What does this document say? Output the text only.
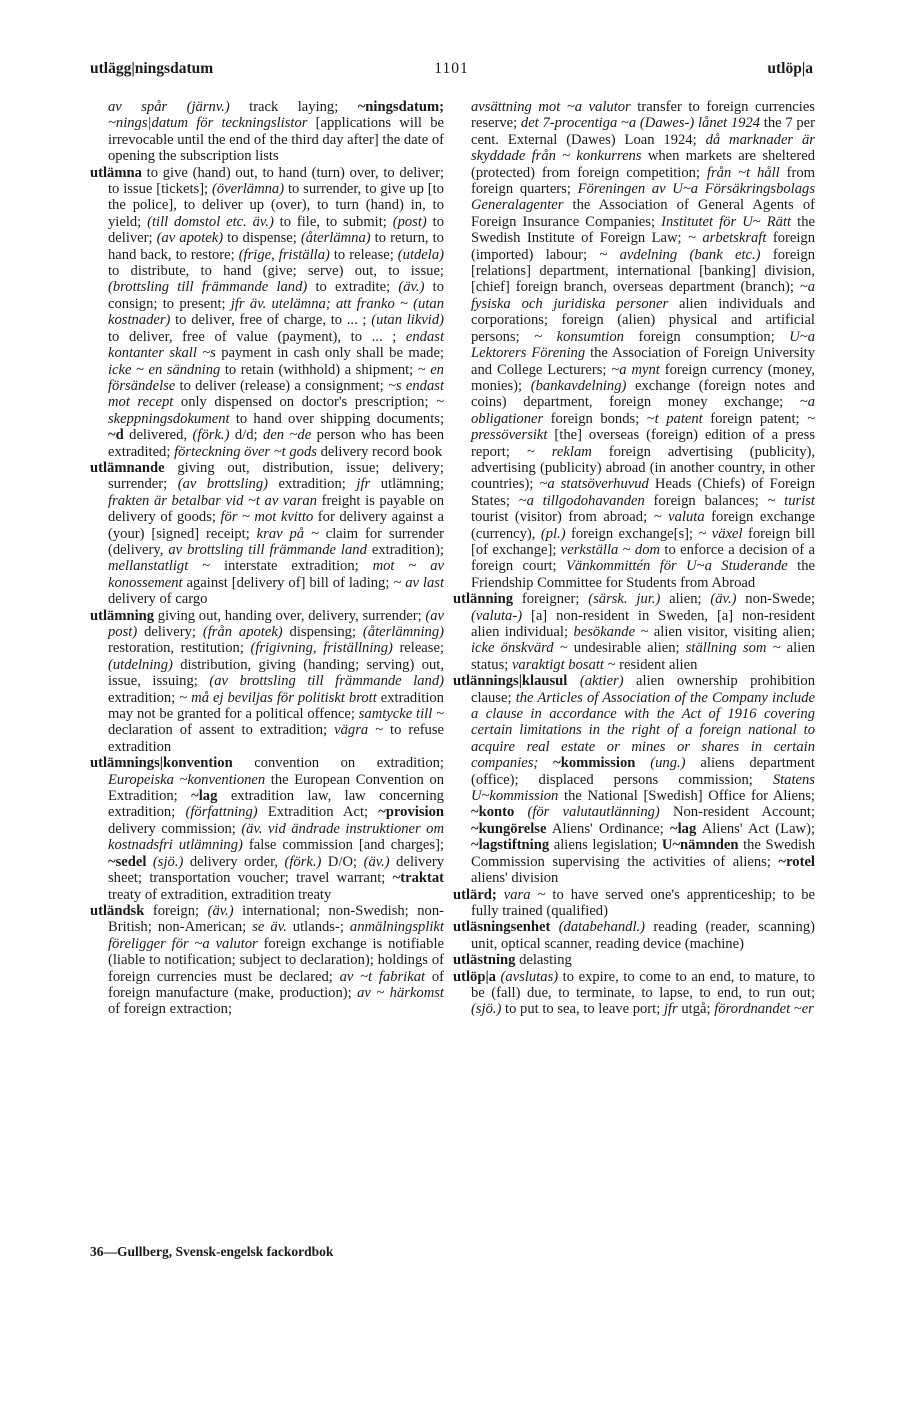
utlägg|ningsdatum	1101	utlöp|a

av spår (järnv.) track laying; ~ningsdatum; ~nings|datum för teckningslistor [applications will be irrevocable until the end of the third day after] the date of opening the subscription lists

utlämna to give (hand) out, to hand (turn) over, to deliver; to issue [tickets]; (överlämna) to surrender, to give up [to the police], to deliver up (over), to turn (hand) in, to yield; (till domstol etc. äv.) to file, to submit; (post) to deliver; (av apotek) to dispense; (återlämna) to return, to hand back, to restore; (frige, friställa) to release; (utdela) to distribute, to hand (give; serve) out, to issue; (brottsling till främmande land) to extradite; (äv.) to consign; to present; jfr äv. utelämna; att franko ~ (utan kostnader) to deliver, free of charge, to ... ; (utan likvid) to deliver, free of value (payment), to ... ; endast kontanter skall ~s payment in cash only shall be made; icke ~ en sändning to retain (withhold) a shipment; ~ en försändelse to deliver (release) a consignment; ~s endast mot recept only dispensed on doctor's prescription; ~ skeppningsdokument to hand over shipping documents; ~d delivered, (förk.) d/d; den ~de person who has been extradited; förteckning över ~t gods delivery record book

utlämnande giving out, distribution, issue; delivery; surrender; (av brottsling) extradition; jfr utlämning; frakten är betalbar vid ~t av varan freight is payable on delivery of goods; för ~ mot kvitto for delivery against a (your) [signed] receipt; krav på ~ claim for surrender (delivery, av brottsling till främmande land extradition); mellanstatligt ~ interstate extradition; mot ~ av konossement against [delivery of] bill of lading; ~ av last delivery of cargo

utlämning giving out, handing over, delivery, surrender; (av post) delivery; (från apotek) dispensing; (återlämning) restoration, restitution; (frigivning, friställning) release; (utdelning) distribution, giving (handing; serving) out, issue, issuing; (av brottsling till främmande land) extradition; ~ må ej beviljas för politiskt brott extradition may not be granted for a political offence; samtycke till ~ declaration of assent to extradition; vägra ~ to refuse extradition

utlämnings|konvention convention on extradition; Europeiska ~konventionen the European Convention on Extradition; ~lag extradition law, law concerning extradition; (författning) Extradition Act; ~provision delivery commission; (äv. vid ändrade instruktioner om kostnadsfri utlämning) false commission [and charges]; ~sedel (sjö.) delivery order, (förk.) D/O; (äv.) delivery sheet; transportation voucher; travel warrant; ~traktat treaty of extradition, extradition treaty

utländsk foreign; (äv.) international; non-Swedish; non-British; non-American; se äv. utlands-; anmälningsplikt föreligger för ~a valutor foreign exchange is notifiable (liable to notification; subject to declaration); holdings of foreign currencies must be declared; av ~t fabrikat of foreign manufacture (make, production); av ~ härkomst of foreign extraction;

avsättning mot ~a valutor transfer to foreign currencies reserve; det 7-procentiga ~a (Dawes-) lånet 1924 the 7 per cent. External (Dawes) Loan 1924; då marknader är skyddade från ~ konkurrens when markets are sheltered (protected) from foreign competition; från ~t håll from foreign quarters; Föreningen av U~a Försäkringsbolags Generalagenter the Association of General Agents of Foreign Insurance Companies; Institutet för U~ Rätt the Swedish Institute of Foreign Law; ~ arbetskraft foreign (imported) labour; ~ avdelning (bank etc.) foreign [relations] department, international [banking] division, [chief] foreign branch, overseas department (branch); ~a fysiska och juridiska personer alien individuals and corporations; foreign (alien) physical and artificial persons; ~ konsumtion foreign consumption; U~a Lektorers Förening the Association of Foreign University and College Lecturers; ~a mynt foreign currency (money, monies); (bankavdelning) exchange (foreign notes and coins) department, foreign money exchange; ~a obligationer foreign bonds; ~t patent foreign patent; ~ pressöversikt [the] overseas (foreign) edition of a press report; ~ reklam foreign advertising (publicity), advertising (publicity) abroad (in another country, in other countries); ~a statsöverhuvud Heads (Chiefs) of Foreign States; ~a tillgodohavanden foreign balances; ~ turist tourist (visitor) from abroad; ~ valuta foreign exchange (currency), (pl.) foreign exchange[s]; ~ växel foreign bill [of exchange]; verkställa ~ dom to enforce a decision of a foreign court; Vänkommittén för U~a Studerande the Friendship Committee for Students from Abroad

utlänning foreigner; (särsk. jur.) alien; (äv.) non-Swede; (valuta-) [a] non-resident in Sweden, [a] non-resident alien individual; besökande ~ alien visitor, visiting alien; icke önskvärd ~ undesirable alien; ställning som ~ alien status; varaktigt bosatt ~ resident alien

utlännings|klausul (aktier) alien ownership prohibition clause; the Articles of Association of the Company include a clause in accordance with the Act of 1916 covering certain limitations in the right of a foreign national to acquire real estate or mines or shares in certain companies; ~kommission (ung.) aliens department (office); displaced persons commission; Statens U~kommission the National [Swedish] Office for Aliens; ~konto (för valutautlänning) Non-resident Account; ~kungörelse Aliens' Ordinance; ~lag Aliens' Act (Law); ~lagstiftning aliens legislation; U~nämnden the Swedish Commission supervising the activities of aliens; ~rotel aliens' division

utlärd; vara ~ to have served one's apprenticeship; to be fully trained (qualified)

utläsningsenhet (databehandl.) reading (reader, scanning) unit, optical scanner, reading device (machine)

utlästning delasting

utlöp|a (avslutas) to expire, to come to an end, to mature, to be (fall) due, to terminate, to lapse, to end, to run out; (sjö.) to put to sea, to leave port; jfr utgå; förordnandet ~er

36—Gullberg, Svensk-engelsk fackordbok
